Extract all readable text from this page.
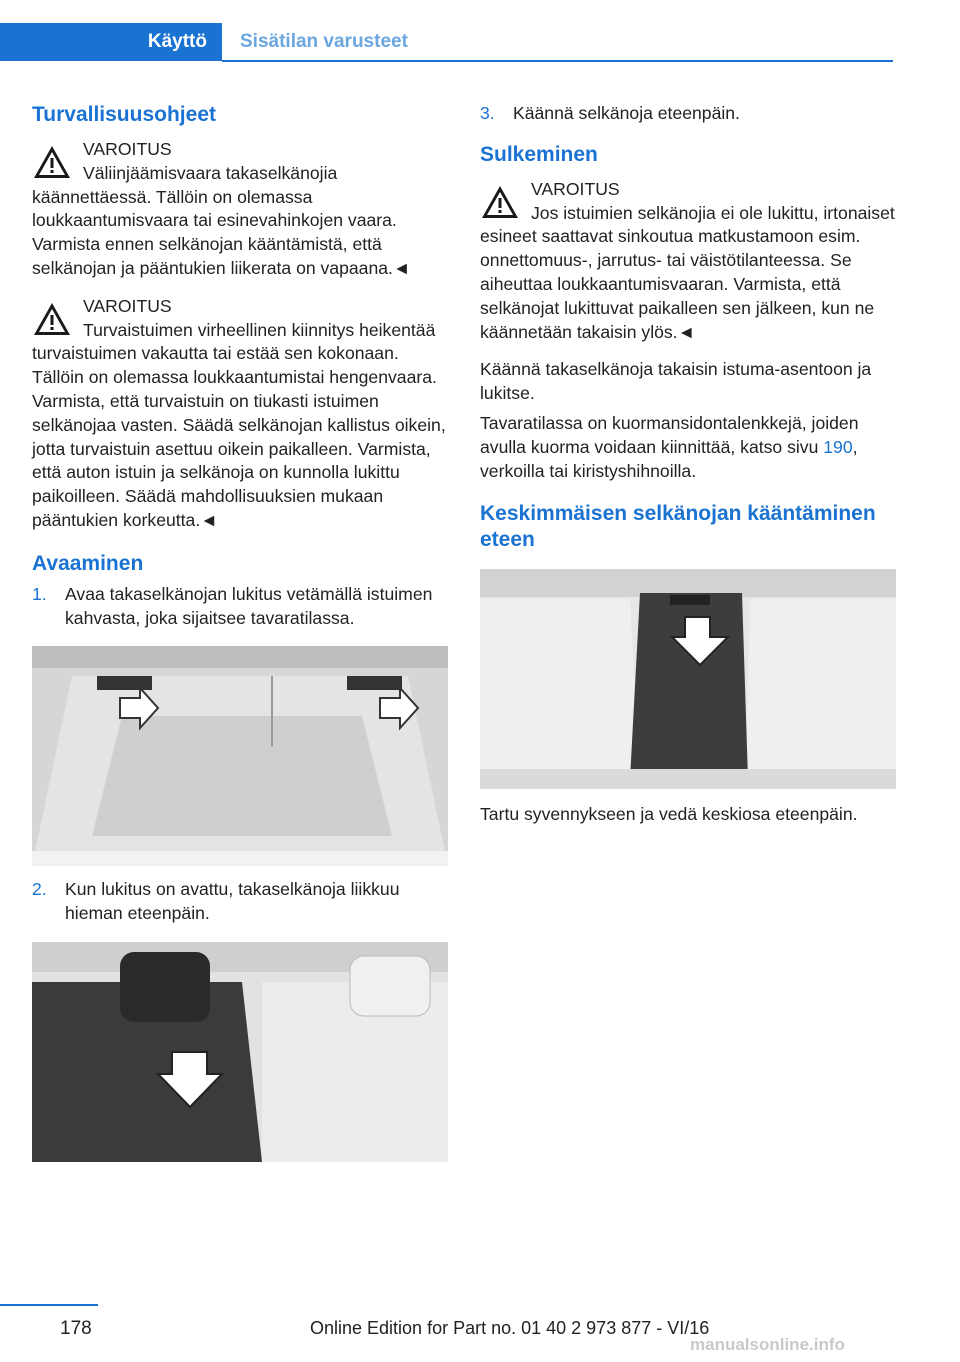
Käyttö	Sisätilan varusteet
Turvallisuusohjeet
VAROITUS

Väliinjäämisvaara takaselkänojia käännettäessä. Tällöin on olemassa loukkaantumisvaara tai esinevahinkojen vaara. Varmista ennen selkänojan kääntämistä, että selkänojan ja pääntukien liikerata on vapaana.◄

VAROITUS

Turvaistuimen virheellinen kiinnitys heikentää turvaistuimen vakautta tai estää sen kokonaan. Tällöin on olemassa loukkaantumistai hengenvaara. Varmista, että turvaistuin on tiukasti istuimen selkänojaa vasten. Säädä selkänojan kallistus oikein, jotta turvaistuin asettuu oikein paikalleen. Varmista, että auton istuin ja selkänoja on kunnolla lukittu paikoilleen. Säädä mahdollisuuksien mukaan pääntukien korkeutta.◄

Avaaminen
1. Avaa takaselkänojan lukitus vetämällä istuimen kahvasta, joka sijaitsee tavaratilassa.

2. Kun lukitus on avattu, takaselkänoja liikkuu hieman eteenpäin.

3. Käännä selkänoja eteenpäin.

Sulkeminen
VAROITUS

Jos istuimien selkänojia ei ole lukittu, irtonaiset esineet saattavat sinkoutua matkustamoon esim. onnettomuus-, jarrutus- tai väistötilanteessa. Se aiheuttaa loukkaantumisvaaran. Varmista, että selkänojat lukittuvat paikalleen sen jälkeen, kun ne käännetään takaisin ylös.◄

Käännä takaselkänoja takaisin istuma-asentoon ja lukitse.

Tavaratilassa on kuormansidontalenkkejä, joiden avulla kuorma voidaan kiinnittää, katso sivu 190, verkoilla tai kiristyshihnoilla.

Keskimmäisen selkänojan kääntäminen eteen

Tartu syvennykseen ja vedä keskiosa eteenpäin.

178	Online Edition for Part no. 01 40 2 973 877 - VI/16
manualsonline.info
